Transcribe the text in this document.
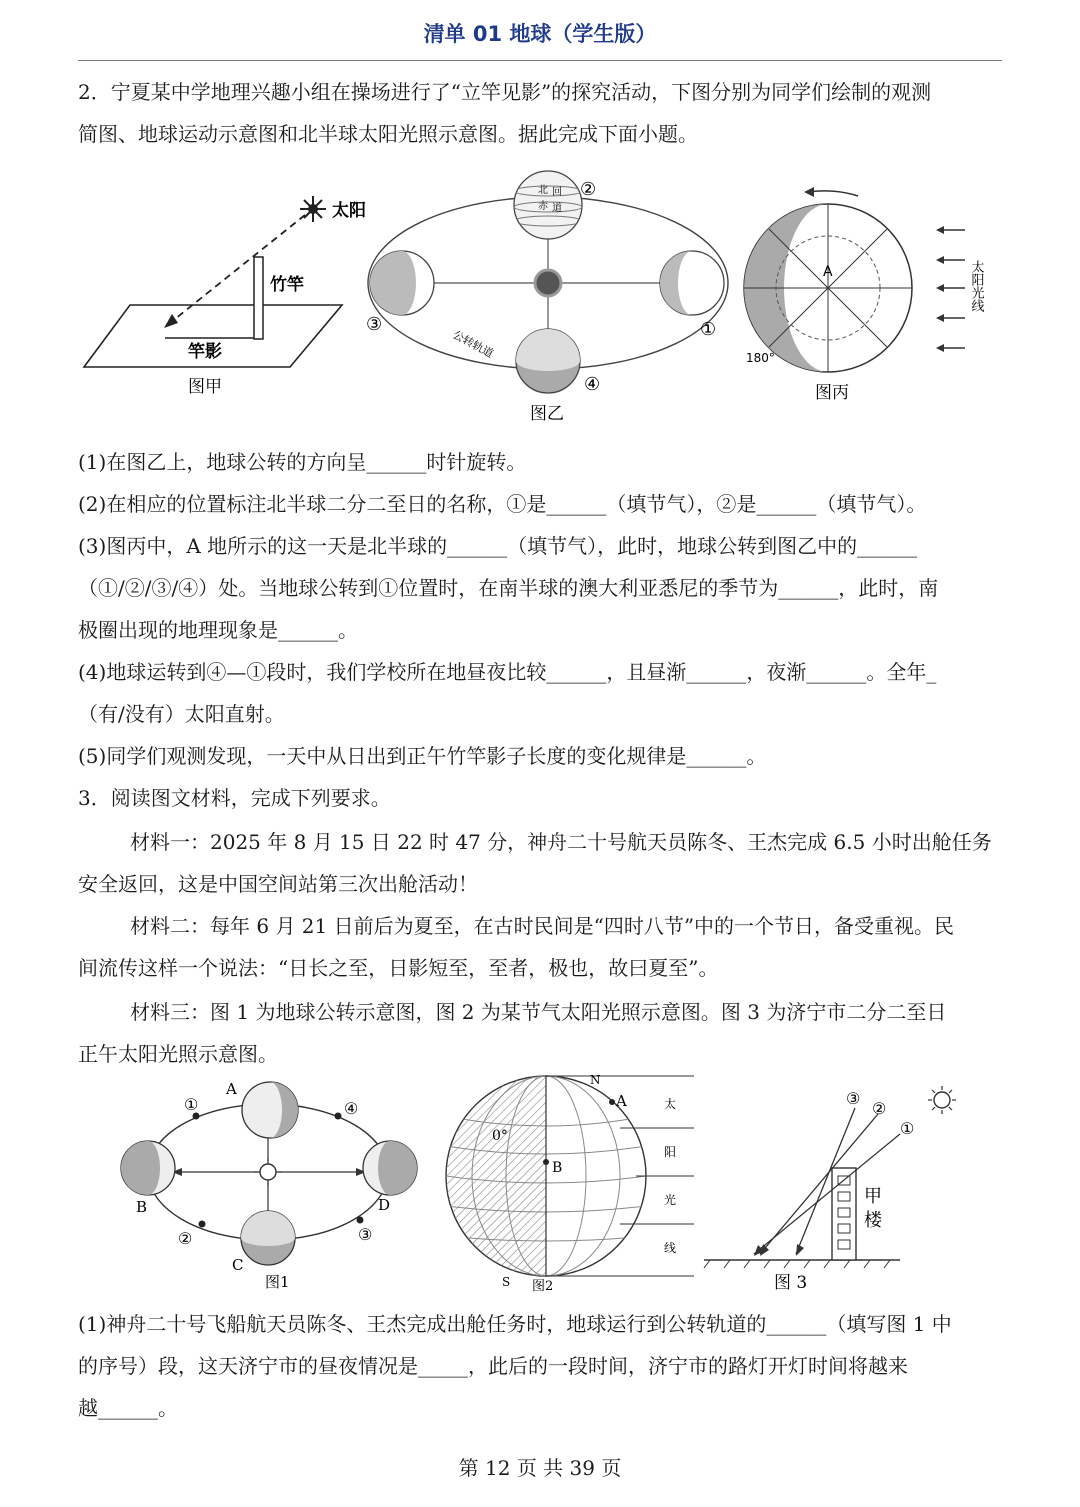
清单 01 地球（学生版）
2．宁夏某中学地理兴趣小组在操场进行了“立竿见影”的探究活动，下图分别为同学们绘制的观测
简图、地球运动示意图和北半球太阳光照示意图。据此完成下面小题。
太阳
竹竿
竿影
图甲
北 回
赤 道
②
③	①
④
公转轨道
图乙
A
180°
太阳光线
图丙
(1)在图乙上，地球公转的方向呈______时针旋转。
(2)在相应的位置标注北半球二分二至日的名称，①是______（填节气），②是______（填节气）。
(3)图丙中，A 地所示的这一天是北半球的______（填节气），此时，地球公转到图乙中的______
（①/②/③/④）处。当地球公转到①位置时，在南半球的澳大利亚悉尼的季节为______，此时，南
极圈出现的地理现象是______。
(4)地球运转到④—①段时，我们学校所在地昼夜比较______，且昼渐______，夜渐______。全年_
（有/没有）太阳直射。
(5)同学们观测发现，一天中从日出到正午竹竿影子长度的变化规律是______。
3．阅读图文材料，完成下列要求。
材料一：2025 年 8 月 15 日 22 时 47 分，神舟二十号航天员陈冬、王杰完成 6.5 小时出舱任务
安全返回，这是中国空间站第三次出舱活动！
材料二：每年 6 月 21 日前后为夏至，在古时民间是“四时八节”中的一个节日，备受重视。民
间流传这样一个说法：“日长之至，日影短至，至者，极也，故曰夏至”。
材料三：图 1 为地球公转示意图，图 2 为某节气太阳光照示意图。图 3 为济宁市二分二至日
正午太阳光照示意图。
A
B
C
D
①
②	③
④
图1
N
S
A
B
0°
太
阳
光
线
图2
③
②
①
甲
楼
图 3
(1)神舟二十号飞船航天员陈冬、王杰完成出舱任务时，地球运行到公转轨道的______（填写图 1 中
的序号）段，这天济宁市的昼夜情况是_____，此后的一段时间，济宁市的路灯开灯时间将越来
越______。
第 12 页 共 39 页
